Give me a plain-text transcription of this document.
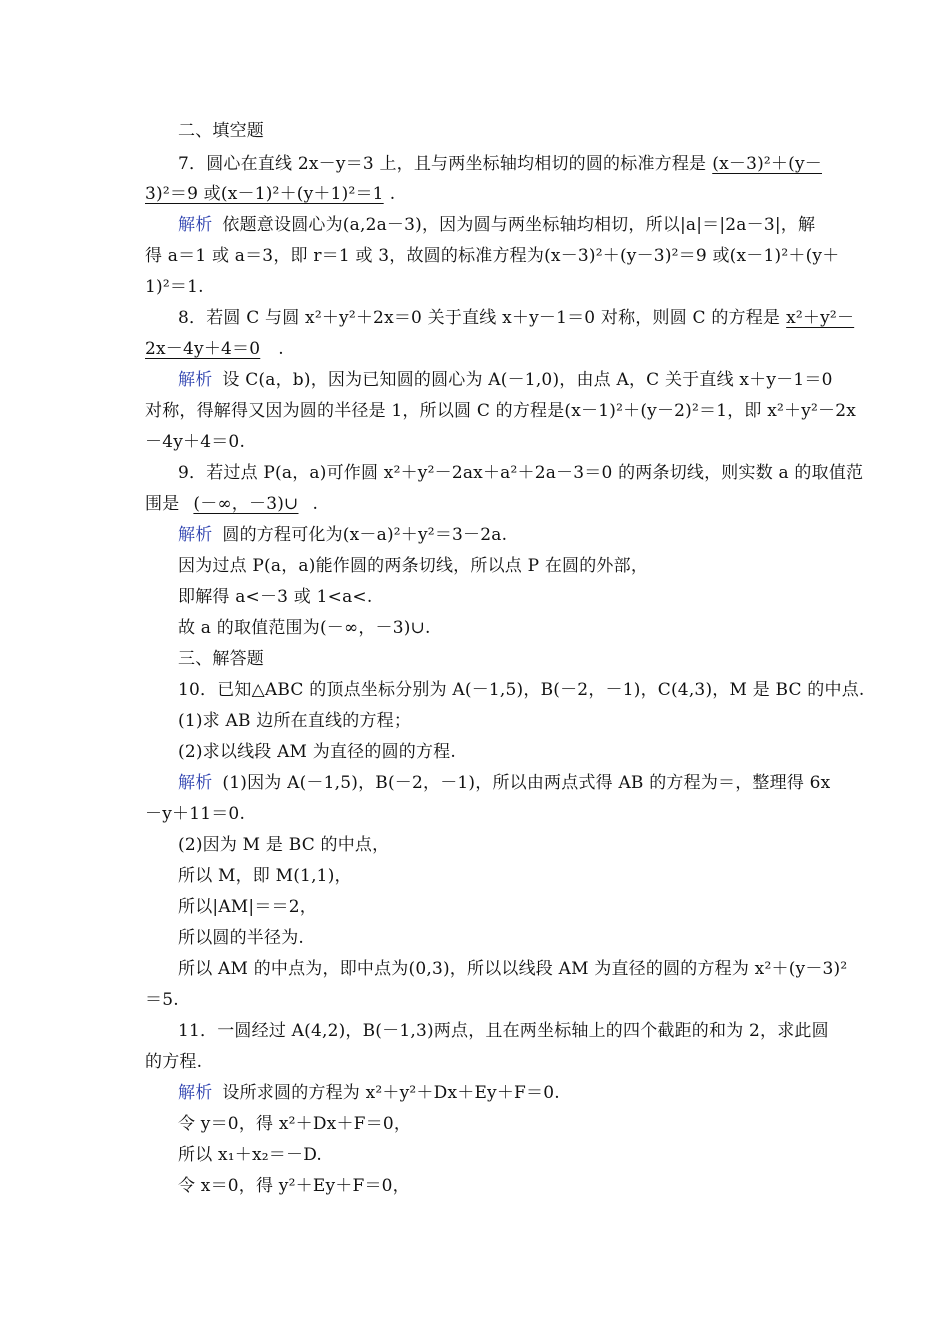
二、填空题
7．圆心在直线 2x－y＝3 上，且与两坐标轴均相切的圆的标准方程是 (x－3)²＋(y－
3)²＝9 或(x－1)²＋(y＋1)²＝1 .
解析 依题意设圆心为(a,2a－3)，因为圆与两坐标轴均相切，所以|a|＝|2a－3|，解
得 a＝1 或 a＝3，即 r＝1 或 3，故圆的标准方程为(x－3)²＋(y－3)²＝9 或(x－1)²＋(y＋
1)²＝1.
8．若圆 C 与圆 x²＋y²＋2x＝0 关于直线 x＋y－1＝0 对称，则圆 C 的方程是 x²＋y²－
2x－4y＋4＝0 .
解析 设 C(a，b)，因为已知圆的圆心为 A(－1,0)，由点 A，C 关于直线 x＋y－1＝0
对称，得解得又因为圆的半径是 1，所以圆 C 的方程是(x－1)²＋(y－2)²＝1，即 x²＋y²－2x
－4y＋4＝0.
9．若过点 P(a，a)可作圆 x²＋y²－2ax＋a²＋2a－3＝0 的两条切线，则实数 a 的取值范
围是 (－∞，－3)∪ .
解析 圆的方程可化为(x－a)²＋y²＝3－2a.
因为过点 P(a，a)能作圆的两条切线，所以点 P 在圆的外部，
即解得 a<－3 或 1<a<.
故 a 的取值范围为(－∞，－3)∪.
三、解答题
10．已知△ABC 的顶点坐标分别为 A(－1,5)，B(－2，－1)，C(4,3)，M 是 BC 的中点.
(1)求 AB 边所在直线的方程；
(2)求以线段 AM 为直径的圆的方程.
解析 (1)因为 A(－1,5)，B(－2，－1)，所以由两点式得 AB 的方程为＝，整理得 6x
－y＋11＝0.
(2)因为 M 是 BC 的中点，
所以 M，即 M(1,1)，
所以|AM|＝＝2，
所以圆的半径为.
所以 AM 的中点为，即中点为(0,3)，所以以线段 AM 为直径的圆的方程为 x²＋(y－3)²
＝5.
11．一圆经过 A(4,2)，B(－1,3)两点，且在两坐标轴上的四个截距的和为 2，求此圆
的方程.
解析 设所求圆的方程为 x²＋y²＋Dx＋Ey＋F＝0.
令 y＝0，得 x²＋Dx＋F＝0，
所以 x₁＋x₂＝－D.
令 x＝0，得 y²＋Ey＋F＝0，
